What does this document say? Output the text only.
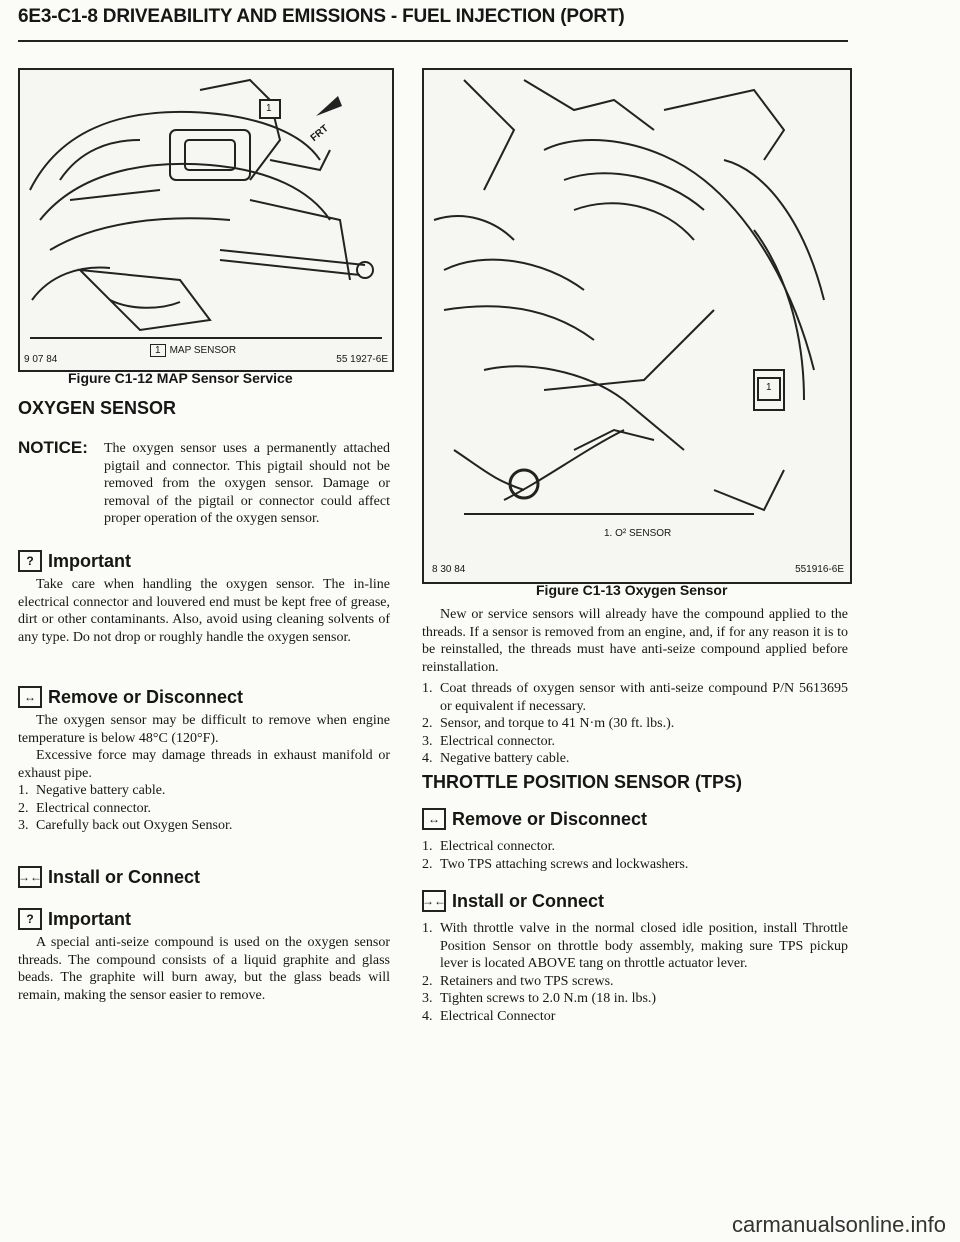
6E3-C1-8 DRIVEABILITY AND EMISSIONS - FUEL INJECTION (PORT)
1
FRT
1 MAP SENSOR
9 07 84	55 1927-6E
Figure C1-12 MAP Sensor Service
1
1. O² SENSOR
8 30 84	551916-6E
Figure C1-13 Oxygen Sensor
OXYGEN SENSOR
NOTICE: The oxygen sensor uses a permanently attached pigtail and connector. This pigtail should not be removed from the oxygen sensor. Damage or removal of the pigtail or connector could affect proper operation of the oxygen sensor.

? Important

Take care when handling the oxygen sensor. The in-line electrical connector and louvered end must be kept free of grease, dirt or other contaminants. Also, avoid using cleaning solvents of any type. Do not drop or roughly handle the oxygen sensor.

↔ Remove or Disconnect

The oxygen sensor may be difficult to remove when engine temperature is below 48°C (120°F).

Excessive force may damage threads in exhaust manifold or exhaust pipe.

1. Negative battery cable.
2. Electrical connector.
3. Carefully back out Oxygen Sensor.
→← Install or Connect
? Important

A special anti-seize compound is used on the oxygen sensor threads. The compound consists of a liquid graphite and glass beads. The graphite will burn away, but the glass beads will remain, making the sensor easier to remove.

New or service sensors will already have the compound applied to the threads. If a sensor is removed from an engine, and, if for any reason it is to be reinstalled, the threads must have anti-seize compound applied before reinstallation.

1. Coat threads of oxygen sensor with anti-seize compound P/N 5613695 or equivalent if necessary.
2. Sensor, and torque to 41 N·m (30 ft. lbs.).
3. Electrical connector.
4. Negative battery cable.
THROTTLE POSITION SENSOR (TPS)
↔ Remove or Disconnect
1. Electrical connector.
2. Two TPS attaching screws and lockwashers.
→← Install or Connect
1. With throttle valve in the normal closed idle position, install Throttle Position Sensor on throttle body assembly, making sure TPS pickup lever is located ABOVE tang on throttle actuator lever.
2. Retainers and two TPS screws.
3. Tighten screws to 2.0 N.m (18 in. lbs.)
4. Electrical Connector
carmanualsonline.info
